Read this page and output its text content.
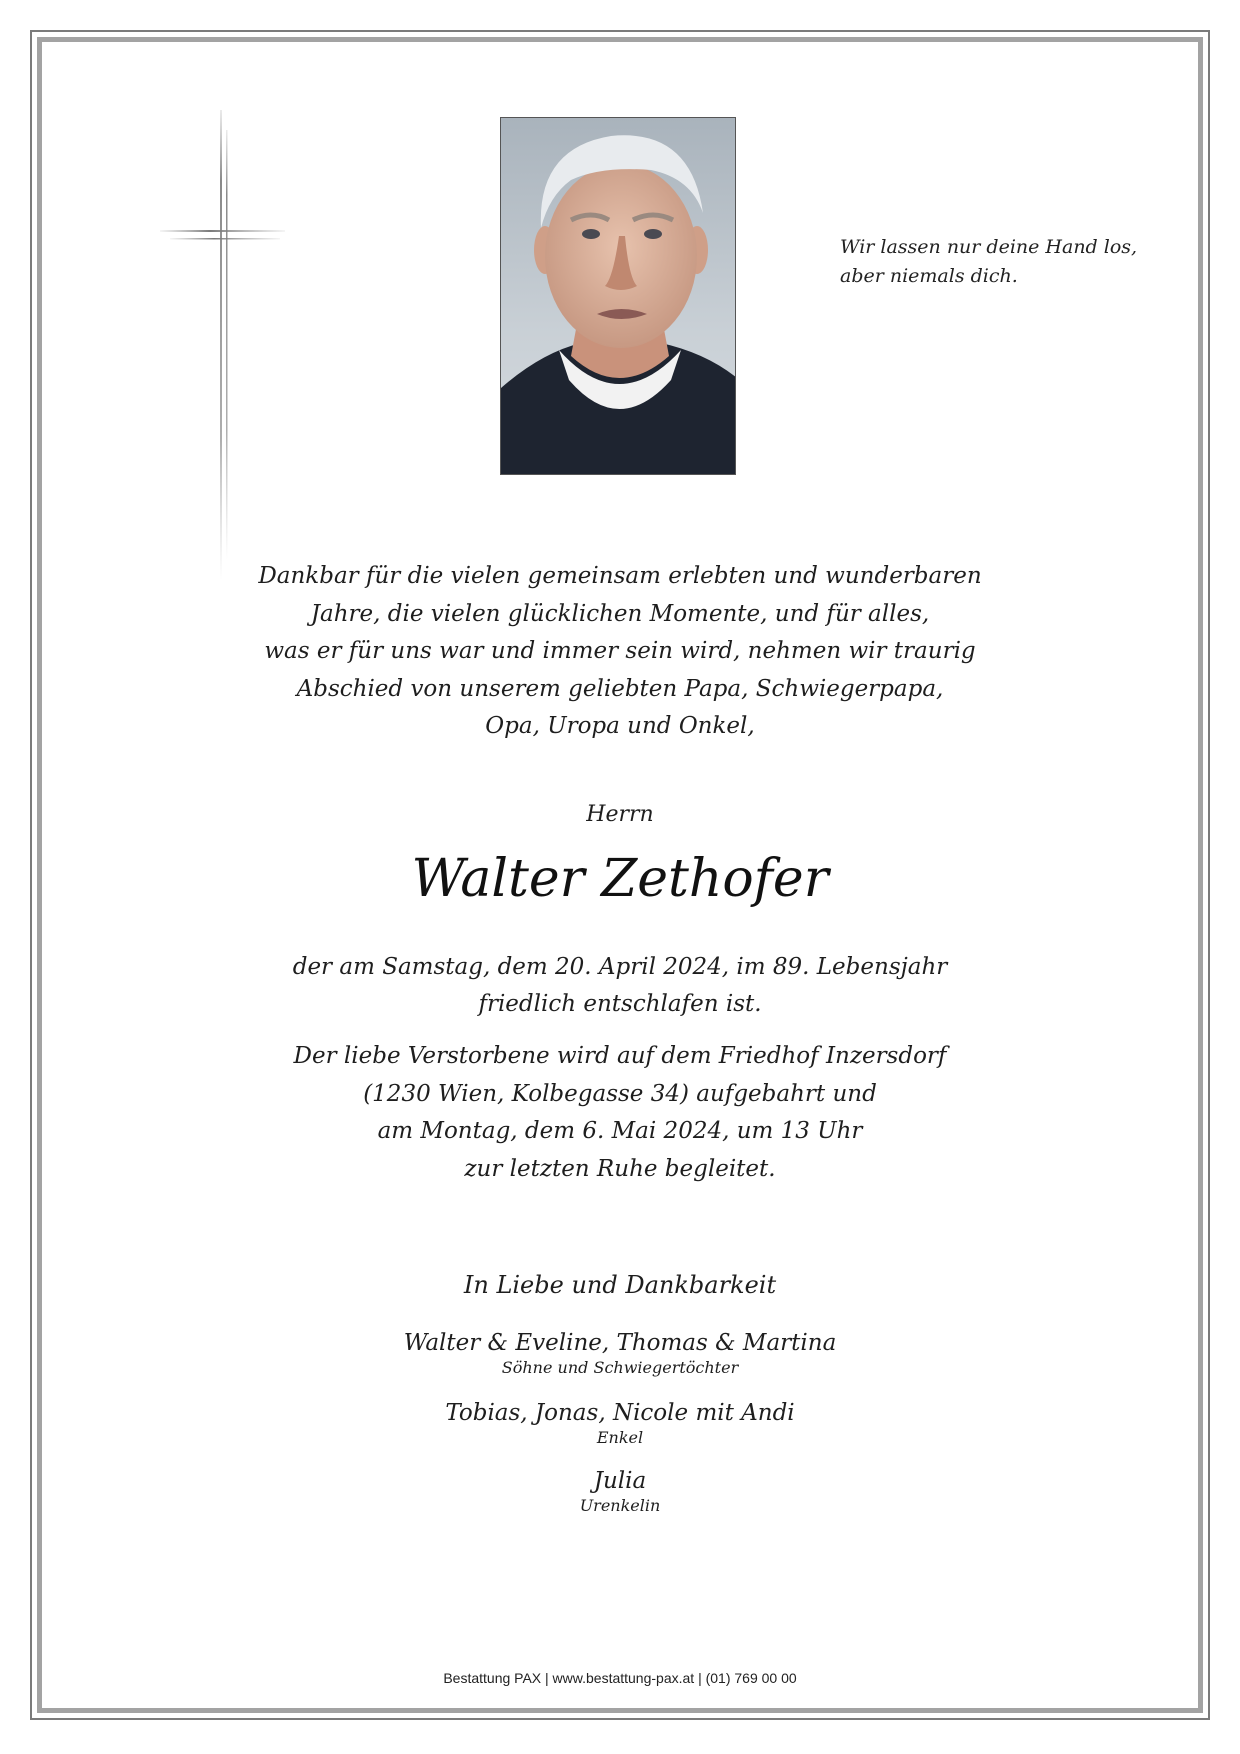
Wir lassen nur deine Hand los,
aber niemals dich.
Dankbar für die vielen gemeinsam erlebten und wunderbaren
Jahre, die vielen glücklichen Momente, und für alles,
was er für uns war und immer sein wird, nehmen wir traurig
Abschied von unserem geliebten Papa, Schwiegerpapa,
Opa, Uropa und Onkel,
Herrn
Walter Zethofer
der am Samstag, dem 20. April 2024, im 89. Lebensjahr
friedlich entschlafen ist.
Der liebe Verstorbene wird auf dem Friedhof Inzersdorf
(1230 Wien, Kolbegasse 34) aufgebahrt und
am Montag, dem 6. Mai 2024, um 13 Uhr
zur letzten Ruhe begleitet.
In Liebe und Dankbarkeit
Walter & Eveline, Thomas & Martina
Söhne und Schwiegertöchter
Tobias, Jonas, Nicole mit Andi
Enkel
Julia
Urenkelin
Bestattung PAX | www.bestattung-pax.at | (01) 769 00 00
